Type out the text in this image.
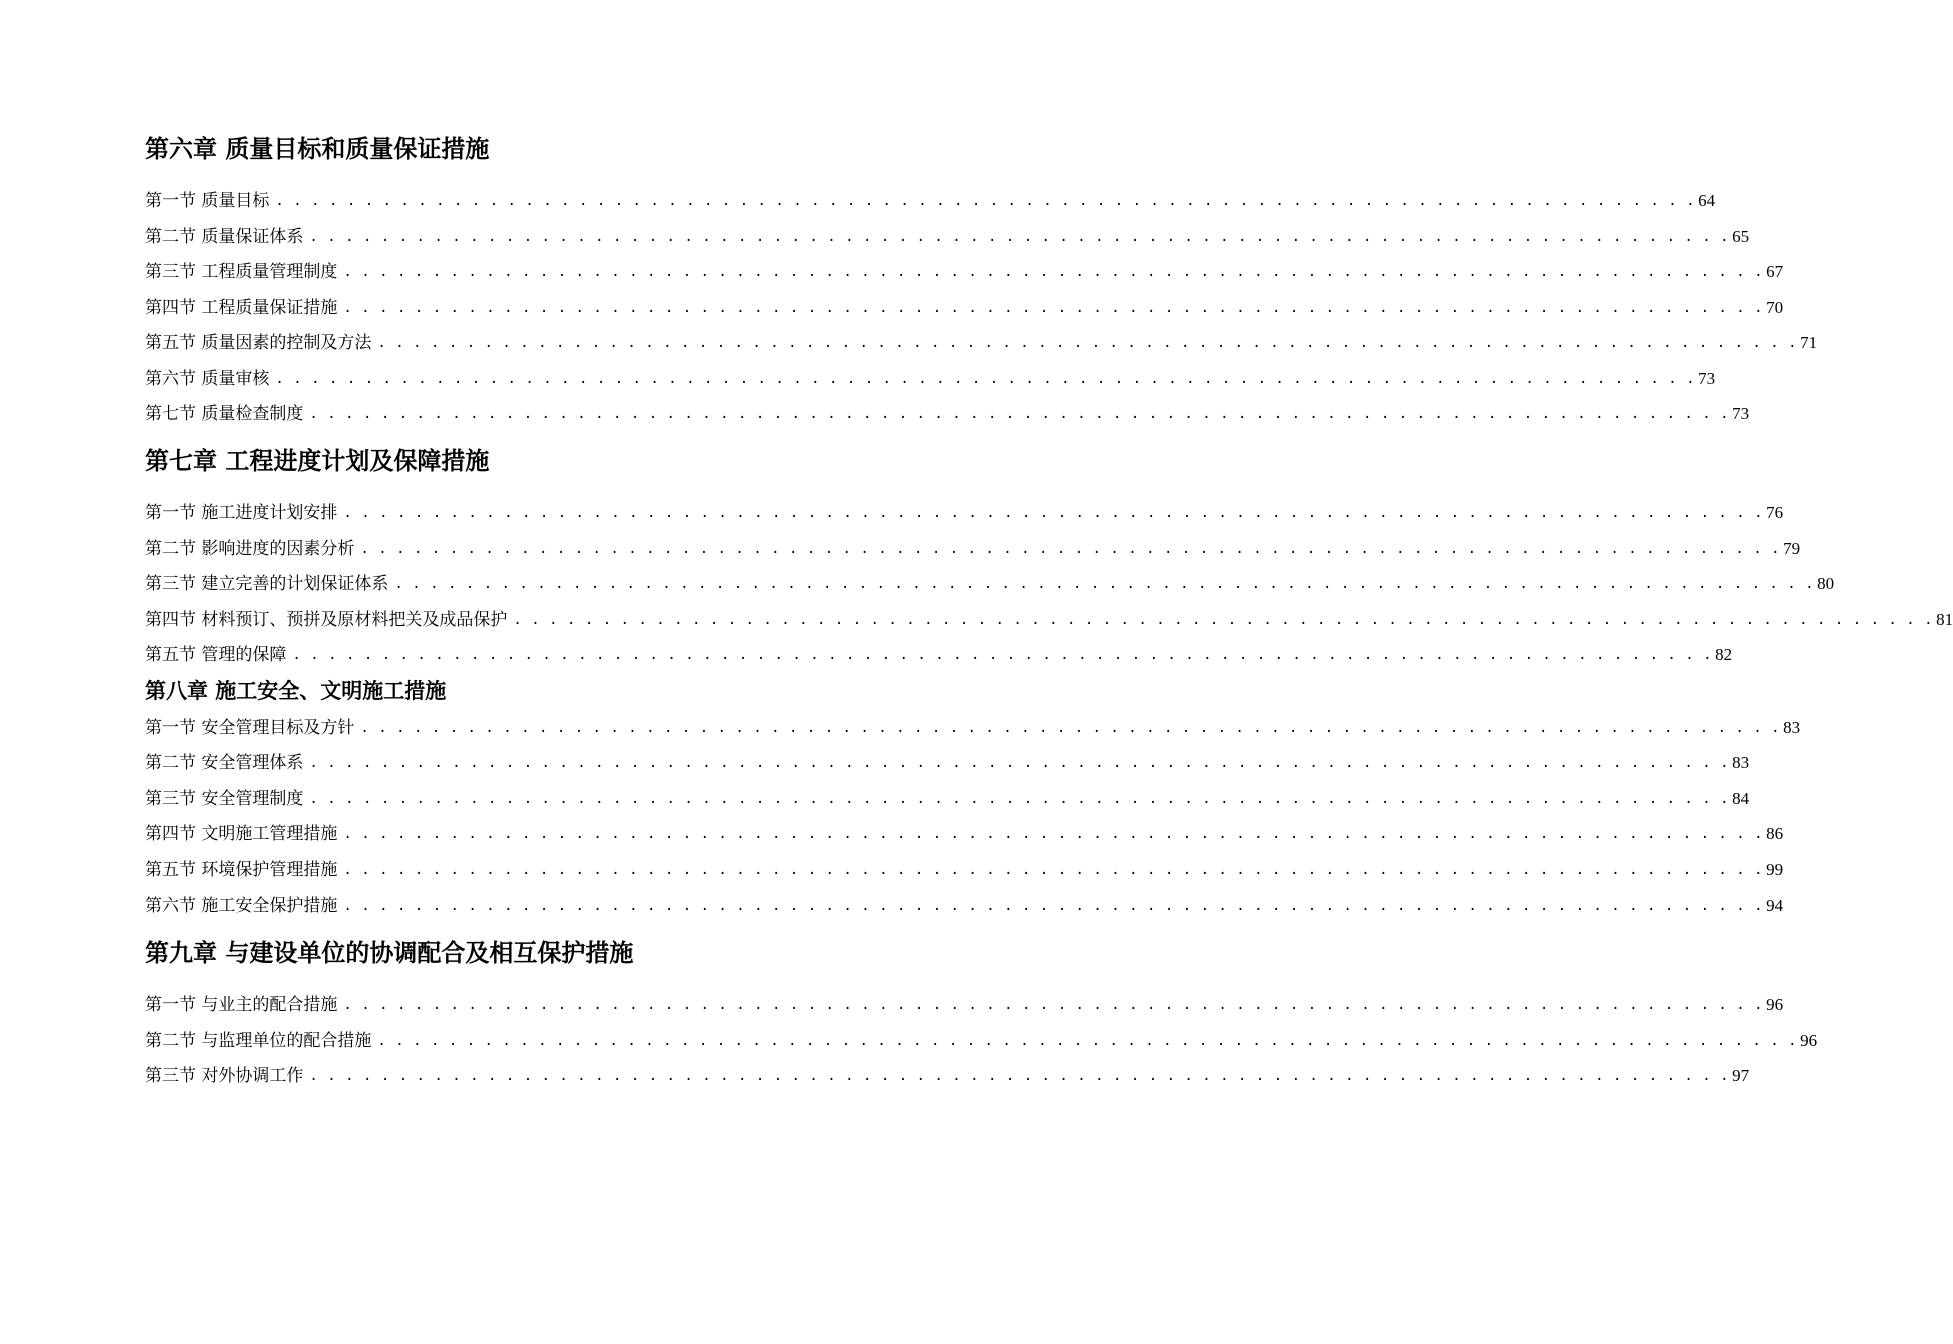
第六章 质量目标和质量保证措施
第一节 质量目标 . . . . . . . . . . . . . . . . . . . . . . . . . . . . . . . . . . . . . . . . . . . . . . . . . . . . . . . . . . . . . . . . . . . . . . . . . . . . . . . . 64
第二节 质量保证体系 . . . . . . . . . . . . . . . . . . . . . . . . . . . . . . . . . . . . . . . . . . . . . . . . . . . . . . . . . . . . . . . . . . . . . . . . . . . . . . . . 65
第三节 工程质量管理制度 . . . . . . . . . . . . . . . . . . . . . . . . . . . . . . . . . . . . . . . . . . . . . . . . . . . . . . . . . . . . . . . . . . . . . . . . . . . . . . . . 67
第四节 工程质量保证措施 . . . . . . . . . . . . . . . . . . . . . . . . . . . . . . . . . . . . . . . . . . . . . . . . . . . . . . . . . . . . . . . . . . . . . . . . . . . . . . . . 70
第五节 质量因素的控制及方法 . . . . . . . . . . . . . . . . . . . . . . . . . . . . . . . . . . . . . . . . . . . . . . . . . . . . . . . . . . . . . . . . . . . . . . . . . . . . . . . . 71
第六节 质量审核 . . . . . . . . . . . . . . . . . . . . . . . . . . . . . . . . . . . . . . . . . . . . . . . . . . . . . . . . . . . . . . . . . . . . . . . . . . . . . . . . 73
第七节 质量检查制度 . . . . . . . . . . . . . . . . . . . . . . . . . . . . . . . . . . . . . . . . . . . . . . . . . . . . . . . . . . . . . . . . . . . . . . . . . . . . . . . . 73
第七章 工程进度计划及保障措施
第一节 施工进度计划安排 . . . . . . . . . . . . . . . . . . . . . . . . . . . . . . . . . . . . . . . . . . . . . . . . . . . . . . . . . . . . . . . . . . . . . . . . . . . . . . . . 76
第二节 影响进度的因素分析 . . . . . . . . . . . . . . . . . . . . . . . . . . . . . . . . . . . . . . . . . . . . . . . . . . . . . . . . . . . . . . . . . . . . . . . . . . . . . . . . 79
第三节 建立完善的计划保证体系 . . . . . . . . . . . . . . . . . . . . . . . . . . . . . . . . . . . . . . . . . . . . . . . . . . . . . . . . . . . . . . . . . . . . . . . . . . . . . . . . 80
第四节 材料预订、预拼及原材料把关及成品保护 . . . . . . . . . . . . . . . . . . . . . . . . . . . . . . . . . . . . . . . . . . . . . . . . . . . . . . . . . . . . . . . . . . . . . . . . . . . . . . . . 81
第五节 管理的保障 . . . . . . . . . . . . . . . . . . . . . . . . . . . . . . . . . . . . . . . . . . . . . . . . . . . . . . . . . . . . . . . . . . . . . . . . . . . . . . . . 82
第八章 施工安全、文明施工措施
第一节 安全管理目标及方针 . . . . . . . . . . . . . . . . . . . . . . . . . . . . . . . . . . . . . . . . . . . . . . . . . . . . . . . . . . . . . . . . . . . . . . . . . . . . . . . . 83
第二节 安全管理体系 . . . . . . . . . . . . . . . . . . . . . . . . . . . . . . . . . . . . . . . . . . . . . . . . . . . . . . . . . . . . . . . . . . . . . . . . . . . . . . . . 83
第三节 安全管理制度 . . . . . . . . . . . . . . . . . . . . . . . . . . . . . . . . . . . . . . . . . . . . . . . . . . . . . . . . . . . . . . . . . . . . . . . . . . . . . . . . 84
第四节 文明施工管理措施 . . . . . . . . . . . . . . . . . . . . . . . . . . . . . . . . . . . . . . . . . . . . . . . . . . . . . . . . . . . . . . . . . . . . . . . . . . . . . . . . 86
第五节 环境保护管理措施 . . . . . . . . . . . . . . . . . . . . . . . . . . . . . . . . . . . . . . . . . . . . . . . . . . . . . . . . . . . . . . . . . . . . . . . . . . . . . . . . 99
第六节 施工安全保护措施 . . . . . . . . . . . . . . . . . . . . . . . . . . . . . . . . . . . . . . . . . . . . . . . . . . . . . . . . . . . . . . . . . . . . . . . . . . . . . . . . 94
第九章 与建设单位的协调配合及相互保护措施
第一节 与业主的配合措施 . . . . . . . . . . . . . . . . . . . . . . . . . . . . . . . . . . . . . . . . . . . . . . . . . . . . . . . . . . . . . . . . . . . . . . . . . . . . . . . . 96
第二节 与监理单位的配合措施 . . . . . . . . . . . . . . . . . . . . . . . . . . . . . . . . . . . . . . . . . . . . . . . . . . . . . . . . . . . . . . . . . . . . . . . . . . . . . . . . 96
第三节 对外协调工作 . . . . . . . . . . . . . . . . . . . . . . . . . . . . . . . . . . . . . . . . . . . . . . . . . . . . . . . . . . . . . . . . . . . . . . . . . . . . . . . . 97
